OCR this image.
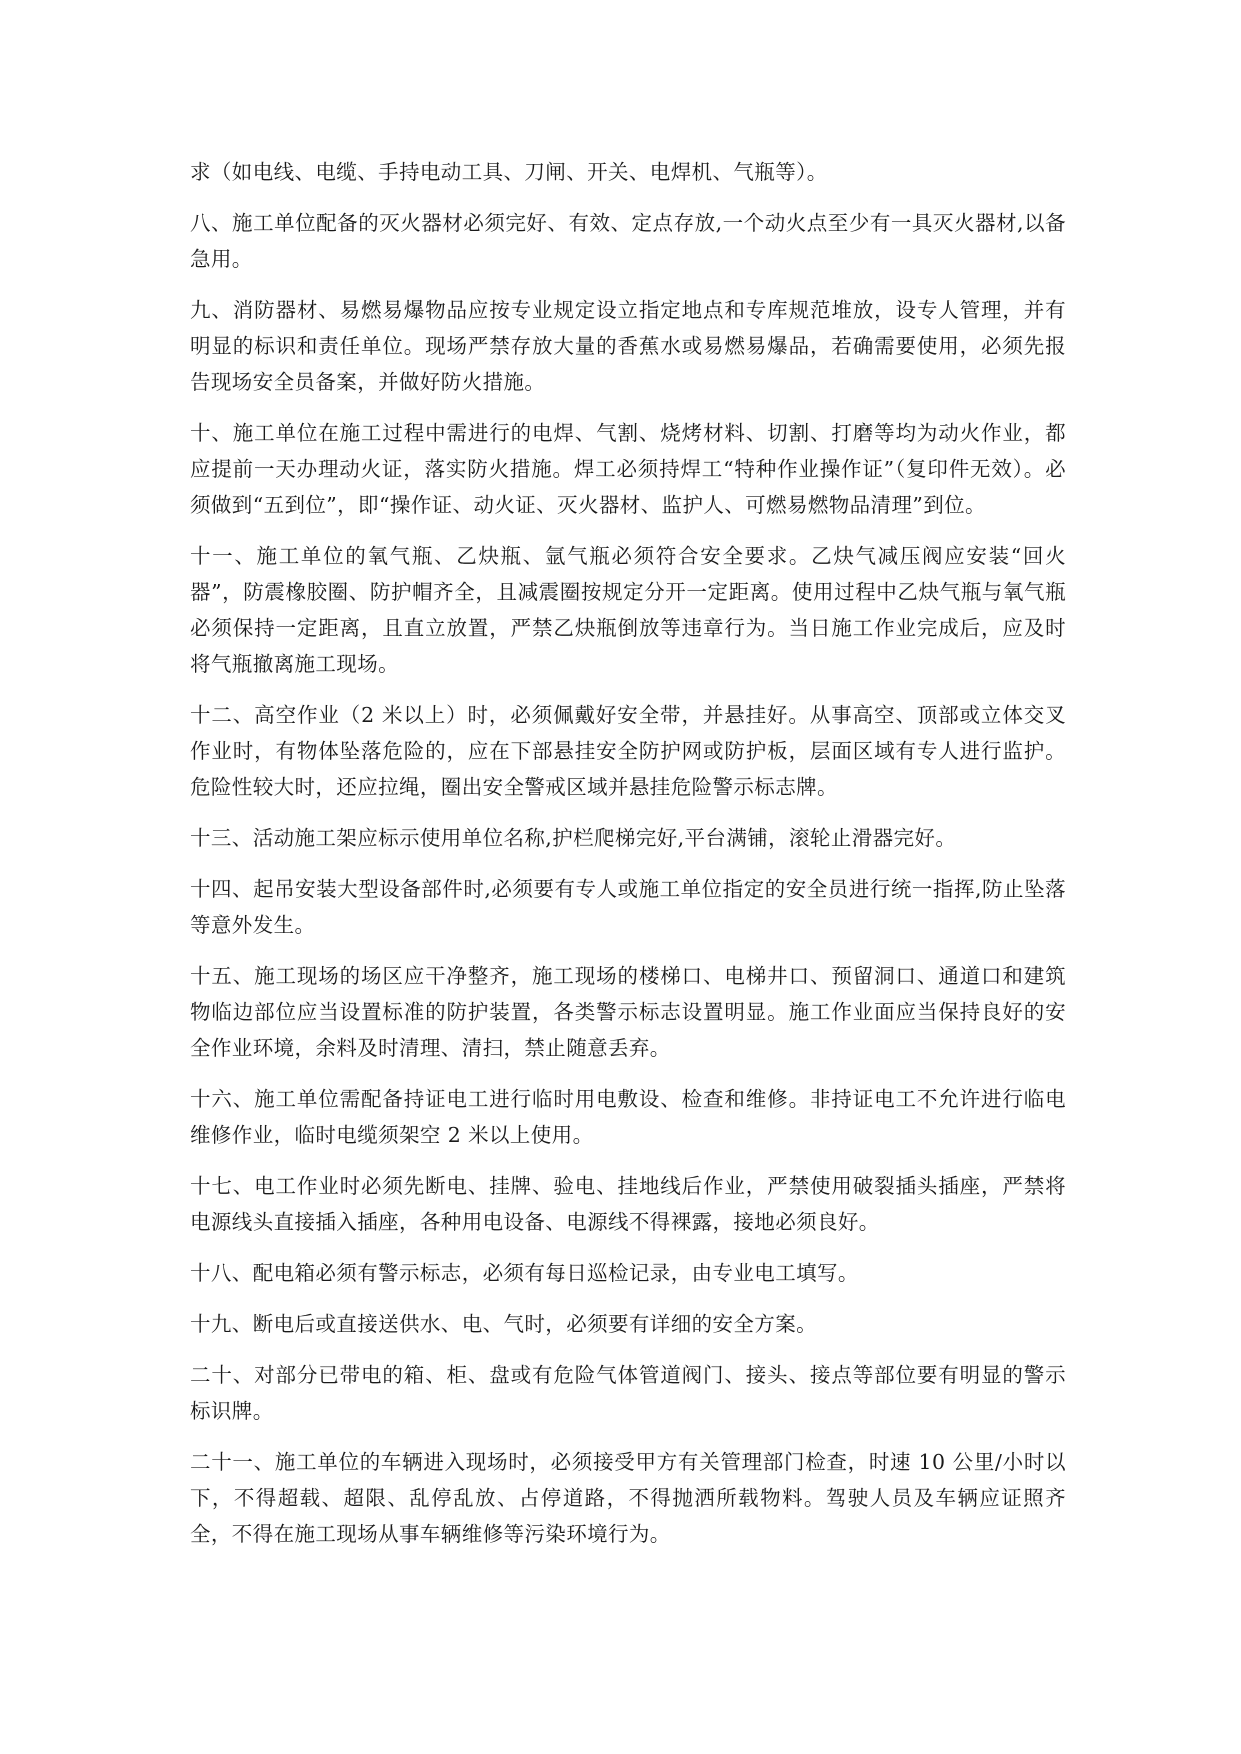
求（如电线、电缆、手持电动工具、刀闸、开关、电焊机、气瓶等）。

八、施工单位配备的灭火器材必须完好、有效、定点存放,一个动火点至少有一具灭火器材,以备急用。

九、消防器材、易燃易爆物品应按专业规定设立指定地点和专库规范堆放，设专人管理，并有明显的标识和责任单位。现场严禁存放大量的香蕉水或易燃易爆品，若确需要使用，必须先报告现场安全员备案，并做好防火措施。

十、施工单位在施工过程中需进行的电焊、气割、烧烤材料、切割、打磨等均为动火作业，都应提前一天办理动火证，落实防火措施。焊工必须持焊工“特种作业操作证”（复印件无效）。必须做到“五到位”，即“操作证、动火证、灭火器材、监护人、可燃易燃物品清理”到位。

十一、施工单位的氧气瓶、乙炔瓶、氩气瓶必须符合安全要求。乙炔气减压阀应安装“回火器”，防震橡胶圈、防护帽齐全，且减震圈按规定分开一定距离。使用过程中乙炔气瓶与氧气瓶必须保持一定距离，且直立放置，严禁乙炔瓶倒放等违章行为。当日施工作业完成后，应及时将气瓶撤离施工现场。

十二、高空作业（2 米以上）时，必须佩戴好安全带，并悬挂好。从事高空、顶部或立体交叉作业时，有物体坠落危险的，应在下部悬挂安全防护网或防护板，层面区域有专人进行监护。危险性较大时，还应拉绳，圈出安全警戒区域并悬挂危险警示标志牌。

十三、活动施工架应标示使用单位名称,护栏爬梯完好,平台满铺，滚轮止滑器完好。

十四、起吊安装大型设备部件时,必须要有专人或施工单位指定的安全员进行统一指挥,防止坠落等意外发生。

十五、施工现场的场区应干净整齐，施工现场的楼梯口、电梯井口、预留洞口、通道口和建筑物临边部位应当设置标准的防护装置，各类警示标志设置明显。施工作业面应当保持良好的安全作业环境，余料及时清理、清扫，禁止随意丢弃。

十六、施工单位需配备持证电工进行临时用电敷设、检查和维修。非持证电工不允许进行临电维修作业，临时电缆须架空 2 米以上使用。

十七、电工作业时必须先断电、挂牌、验电、挂地线后作业，严禁使用破裂插头插座，严禁将电源线头直接插入插座，各种用电设备、电源线不得裸露，接地必须良好。

十八、配电箱必须有警示标志，必须有每日巡检记录，由专业电工填写。

十九、断电后或直接送供水、电、气时，必须要有详细的安全方案。

二十、对部分已带电的箱、柜、盘或有危险气体管道阀门、接头、接点等部位要有明显的警示标识牌。

二十一、施工单位的车辆进入现场时，必须接受甲方有关管理部门检查，时速 10 公里/小时以下，不得超载、超限、乱停乱放、占停道路，不得抛洒所载物料。驾驶人员及车辆应证照齐全，不得在施工现场从事车辆维修等污染环境行为。
